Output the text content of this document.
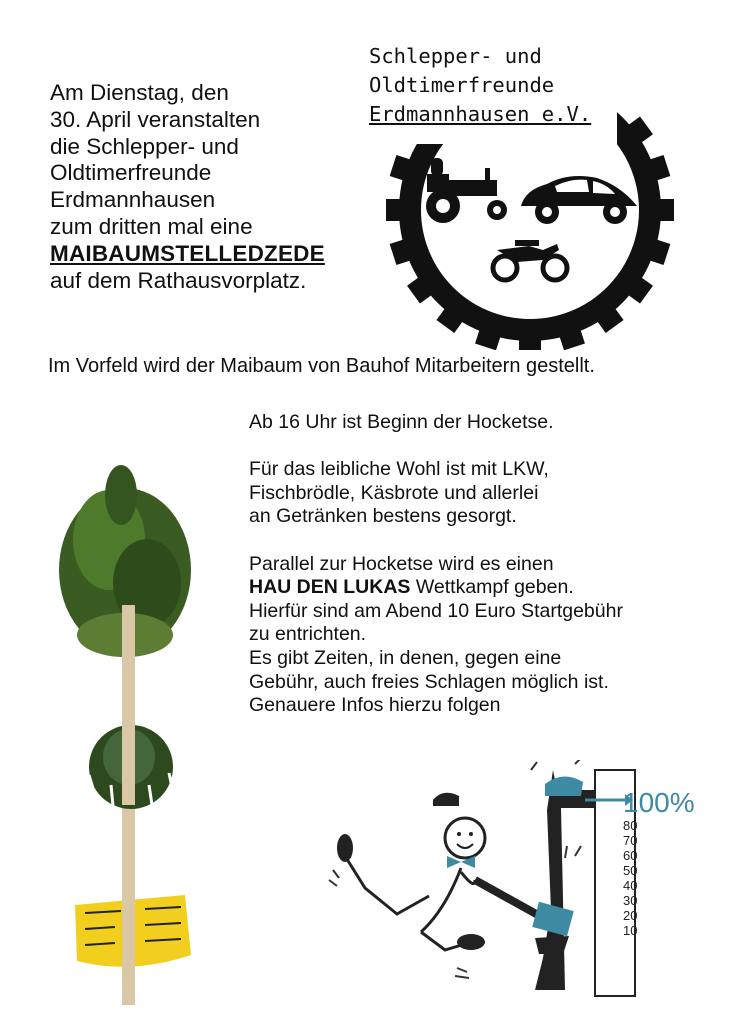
Am Dienstag, den
30. April veranstalten
die Schlepper- und
Oldtimerfreunde
Erdmannhausen
zum dritten mal eine
MAIBAUMSTELLEDZEDE
auf dem Rathausvorplatz.
Schlepper- und
Oldtimerfreunde
Erdmannhausen e.V.
Im Vorfeld wird der Maibaum von Bauhof Mitarbeitern gestellt.
Ab 16 Uhr ist Beginn der Hocketse.
Für das leibliche Wohl ist mit LKW,
Fischbrödle, Käsbrote und allerlei
an Getränken bestens gesorgt.
Parallel zur Hocketse wird es einen
HAU DEN LUKAS Wettkampf geben.
Hierfür sind am Abend 10 Euro Startgebühr
zu entrichten.
Es gibt Zeiten, in denen, gegen eine
Gebühr, auch freies Schlagen möglich ist.
Genauere Infos hierzu folgen
100%
80
70
60
50
40
30
20
10
